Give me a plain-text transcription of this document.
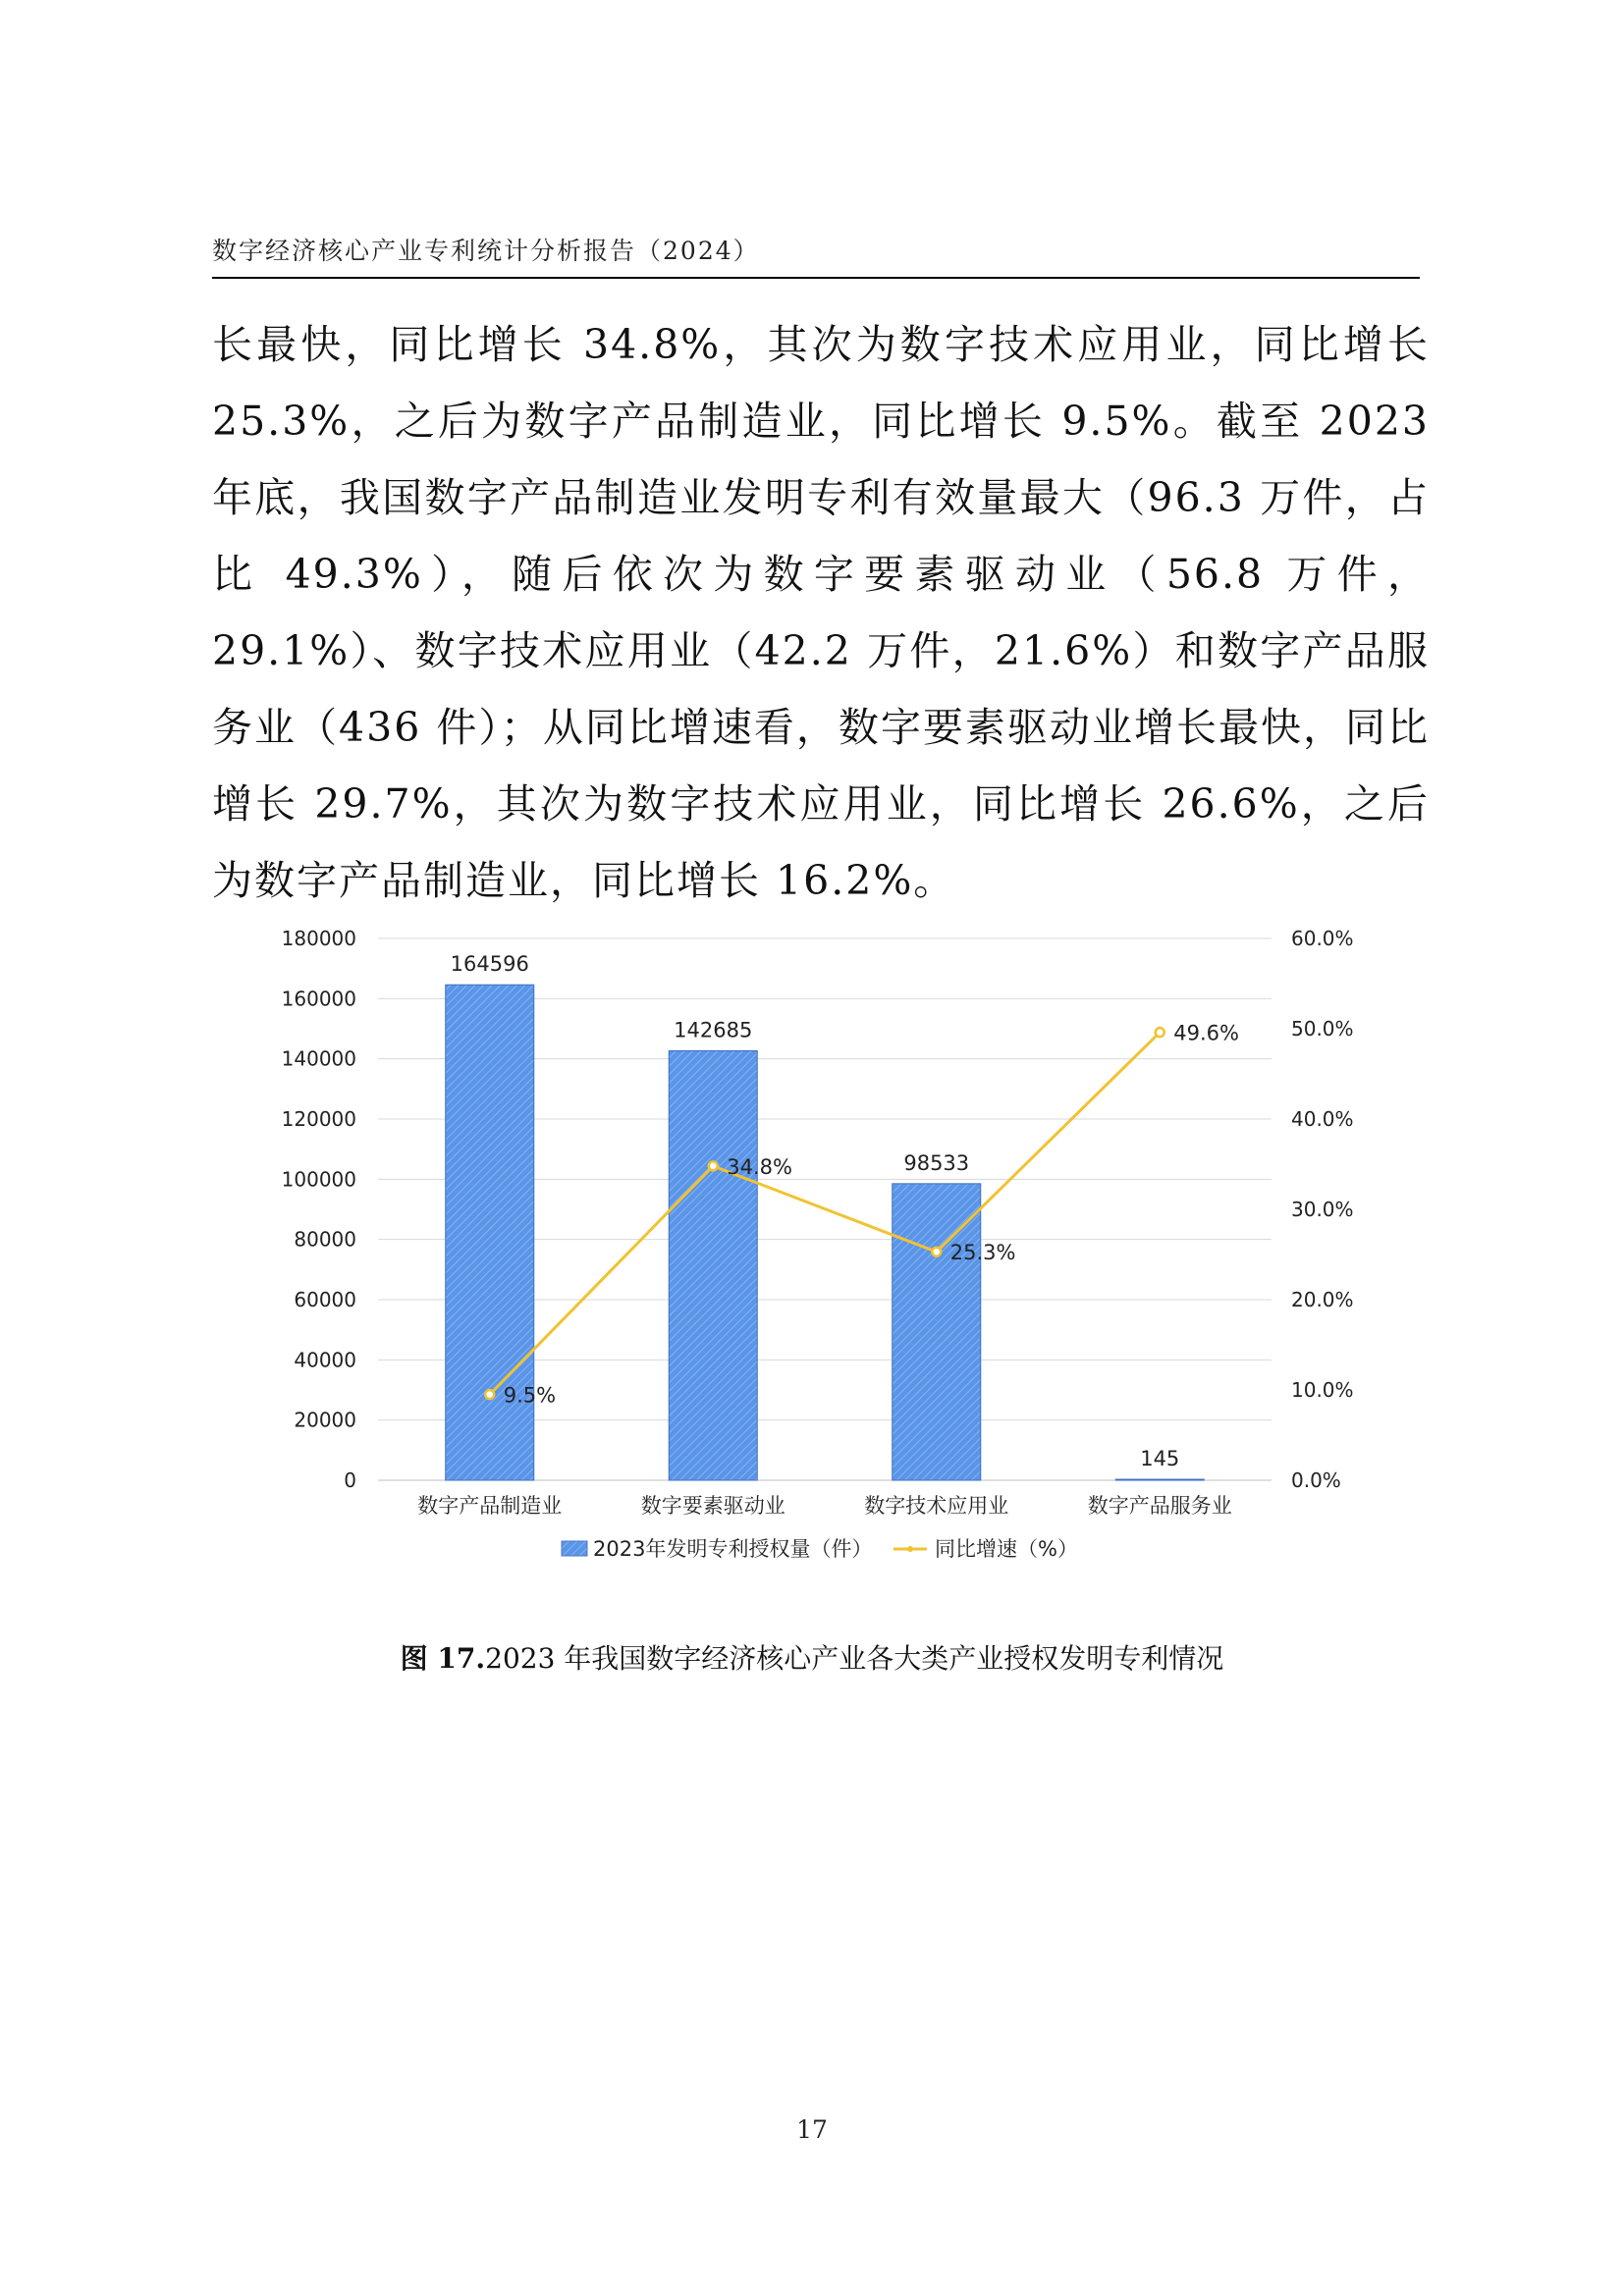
数字经济核心产业专利统计分析报告（2024）

长最快，同比增长 34.8%，其次为数字技术应用业，同比增长 25.3%，之后为数字产品制造业，同比增长 9.5%。截至 2023 年底，我国数字产品制造业发明专利有效量最大（96.3 万件，占比 49.3%），随后依次为数字要素驱动业（56.8 万件，29.1%）、数字技术应用业（42.2 万件，21.6%）和数字产品服务业（436 件）；从同比增速看，数字要素驱动业增长最快，同比增长 29.7%，其次为数字技术应用业，同比增长 26.6%，之后为数字产品制造业，同比增长 16.2%。

0
20000
40000
60000
80000
100000
120000
140000
160000
180000
0.0%
10.0%
20.0%
30.0%
40.0%
50.0%
60.0%
164596
142685
98533
145
9.5%
34.8%
25.3%
49.6%
数字产品制造业	数字要素驱动业	数字技术应用业	数字产品服务业
2023年发明专利授权量（件）	同比增速（%）
图 17.2023 年我国数字经济核心产业各大类产业授权发明专利情况
17
